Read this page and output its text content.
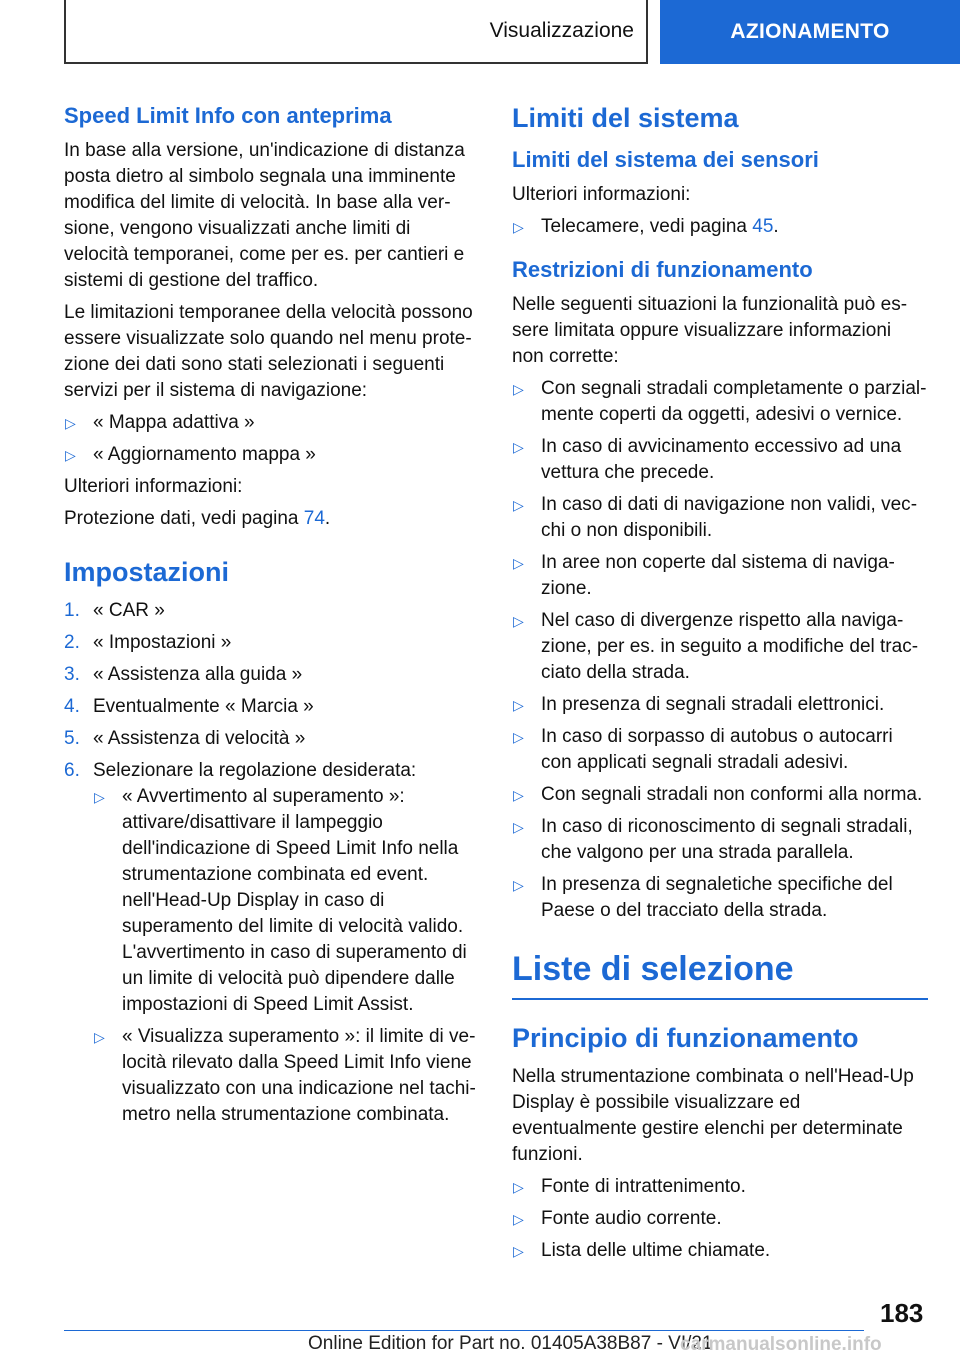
Visualizzazione	AZIONAMENTO
Speed Limit Info con anteprima

In base alla versione, un'indicazione di distanza posta dietro al simbolo segnala una imminente modifica del limite di velocità. In base alla versione, vengono visualizzati anche limiti di velocità temporanei, come per es. per cantieri e sistemi di gestione del traffico.

Le limitazioni temporanee della velocità possono essere visualizzate solo quando nel menu protezione dei dati sono stati selezionati i seguenti servizi per il sistema di navigazione:

▷ « Mappa adattiva »
▷ « Aggiornamento mappa »

Ulteriori informazioni:

Protezione dati, vedi pagina 74.

Impostazioni
1. « CAR »
2. « Impostazioni »
3. « Assistenza alla guida »
4. Eventualmente « Marcia »
5. « Assistenza di velocità »
6. Selezionare la regolazione desiderata:
▷ « Avvertimento al superamento »: attivare/disattivare il lampeggio dell'indicazione di Speed Limit Info nella strumentazione combinata ed event. nell'Head-Up Display in caso di superamento del limite di velocità valido. L'avvertimento in caso di superamento di un limite di velocità può dipendere dalle impostazioni di Speed Limit Assist.
▷ « Visualizza superamento »: il limite di velocità rilevato dalla Speed Limit Info viene visualizzato con una indicazione nel tachimetro nella strumentazione combinata.
Limiti del sistema
Limiti del sistema dei sensori

Ulteriori informazioni:

▷ Telecamere, vedi pagina 45.
Restrizioni di funzionamento

Nelle seguenti situazioni la funzionalità può essere limitata oppure visualizzare informazioni non corrette:

▷ Con segnali stradali completamente o parzialmente coperti da oggetti, adesivi o vernice.
▷ In caso di avvicinamento eccessivo ad una vettura che precede.
▷ In caso di dati di navigazione non validi, vecchi o non disponibili.
▷ In aree non coperte dal sistema di navigazione.
▷ Nel caso di divergenze rispetto alla navigazione, per es. in seguito a modifiche del tracciato della strada.
▷ In presenza di segnali stradali elettronici.
▷ In caso di sorpasso di autobus o autocarri con applicati segnali stradali adesivi.
▷ Con segnali stradali non conformi alla norma.
▷ In caso di riconoscimento di segnali stradali, che valgono per una strada parallela.
▷ In presenza di segnaletiche specifiche del Paese o del tracciato della strada.
Liste di selezione
Principio di funzionamento

Nella strumentazione combinata o nell'Head-Up Display è possibile visualizzare ed eventualmente gestire elenchi per determinate funzioni.

▷ Fonte di intrattenimento.
▷ Fonte audio corrente.
▷ Lista delle ultime chiamate.
183
Online Edition for Part no. 01405A38B87 - VI/21
carmanualsonline.info
